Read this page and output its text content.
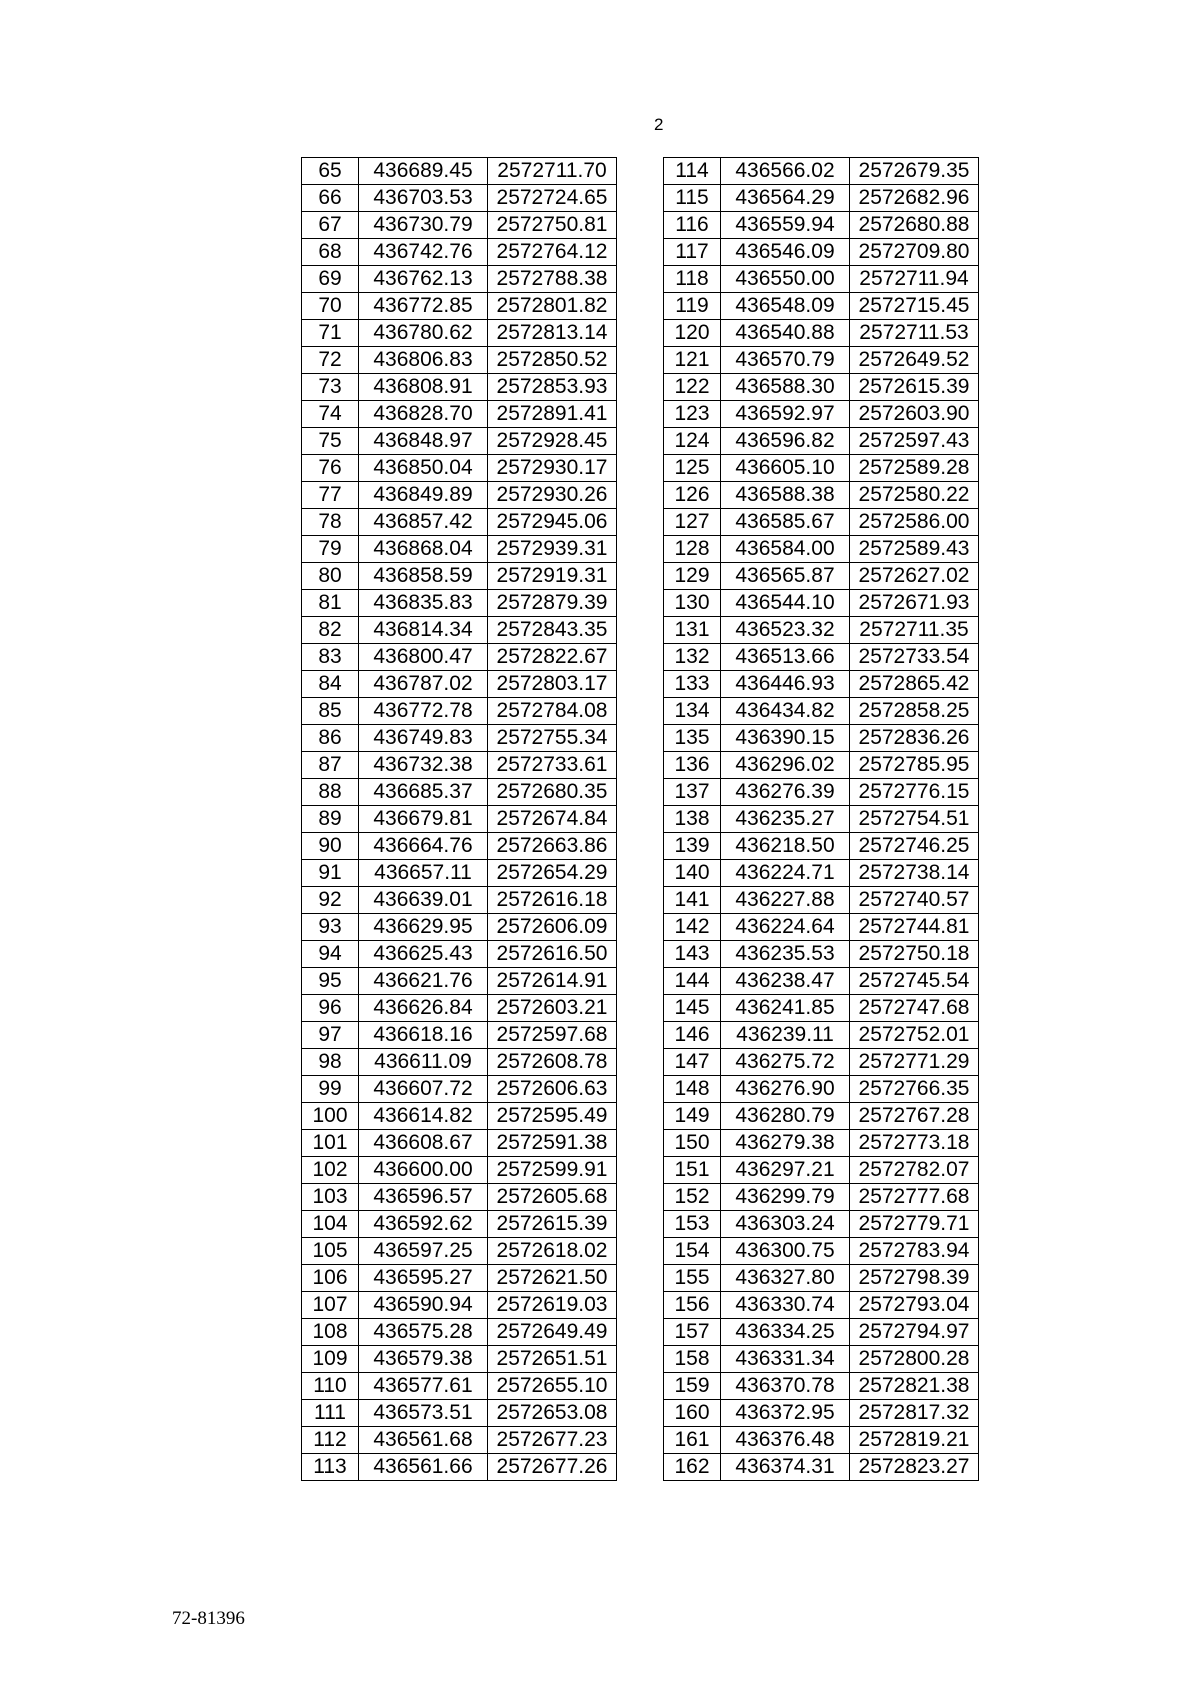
2
65	436689.45	2572711.70
66	436703.53	2572724.65
67	436730.79	2572750.81
68	436742.76	2572764.12
69	436762.13	2572788.38
70	436772.85	2572801.82
71	436780.62	2572813.14
72	436806.83	2572850.52
73	436808.91	2572853.93
74	436828.70	2572891.41
75	436848.97	2572928.45
76	436850.04	2572930.17
77	436849.89	2572930.26
78	436857.42	2572945.06
79	436868.04	2572939.31
80	436858.59	2572919.31
81	436835.83	2572879.39
82	436814.34	2572843.35
83	436800.47	2572822.67
84	436787.02	2572803.17
85	436772.78	2572784.08
86	436749.83	2572755.34
87	436732.38	2572733.61
88	436685.37	2572680.35
89	436679.81	2572674.84
90	436664.76	2572663.86
91	436657.11	2572654.29
92	436639.01	2572616.18
93	436629.95	2572606.09
94	436625.43	2572616.50
95	436621.76	2572614.91
96	436626.84	2572603.21
97	436618.16	2572597.68
98	436611.09	2572608.78
99	436607.72	2572606.63
100	436614.82	2572595.49
101	436608.67	2572591.38
102	436600.00	2572599.91
103	436596.57	2572605.68
104	436592.62	2572615.39
105	436597.25	2572618.02
106	436595.27	2572621.50
107	436590.94	2572619.03
108	436575.28	2572649.49
109	436579.38	2572651.51
110	436577.61	2572655.10
111	436573.51	2572653.08
112	436561.68	2572677.23
113	436561.66	2572677.26
114	436566.02	2572679.35
115	436564.29	2572682.96
116	436559.94	2572680.88
117	436546.09	2572709.80
118	436550.00	2572711.94
119	436548.09	2572715.45
120	436540.88	2572711.53
121	436570.79	2572649.52
122	436588.30	2572615.39
123	436592.97	2572603.90
124	436596.82	2572597.43
125	436605.10	2572589.28
126	436588.38	2572580.22
127	436585.67	2572586.00
128	436584.00	2572589.43
129	436565.87	2572627.02
130	436544.10	2572671.93
131	436523.32	2572711.35
132	436513.66	2572733.54
133	436446.93	2572865.42
134	436434.82	2572858.25
135	436390.15	2572836.26
136	436296.02	2572785.95
137	436276.39	2572776.15
138	436235.27	2572754.51
139	436218.50	2572746.25
140	436224.71	2572738.14
141	436227.88	2572740.57
142	436224.64	2572744.81
143	436235.53	2572750.18
144	436238.47	2572745.54
145	436241.85	2572747.68
146	436239.11	2572752.01
147	436275.72	2572771.29
148	436276.90	2572766.35
149	436280.79	2572767.28
150	436279.38	2572773.18
151	436297.21	2572782.07
152	436299.79	2572777.68
153	436303.24	2572779.71
154	436300.75	2572783.94
155	436327.80	2572798.39
156	436330.74	2572793.04
157	436334.25	2572794.97
158	436331.34	2572800.28
159	436370.78	2572821.38
160	436372.95	2572817.32
161	436376.48	2572819.21
162	436374.31	2572823.27
72-81396
